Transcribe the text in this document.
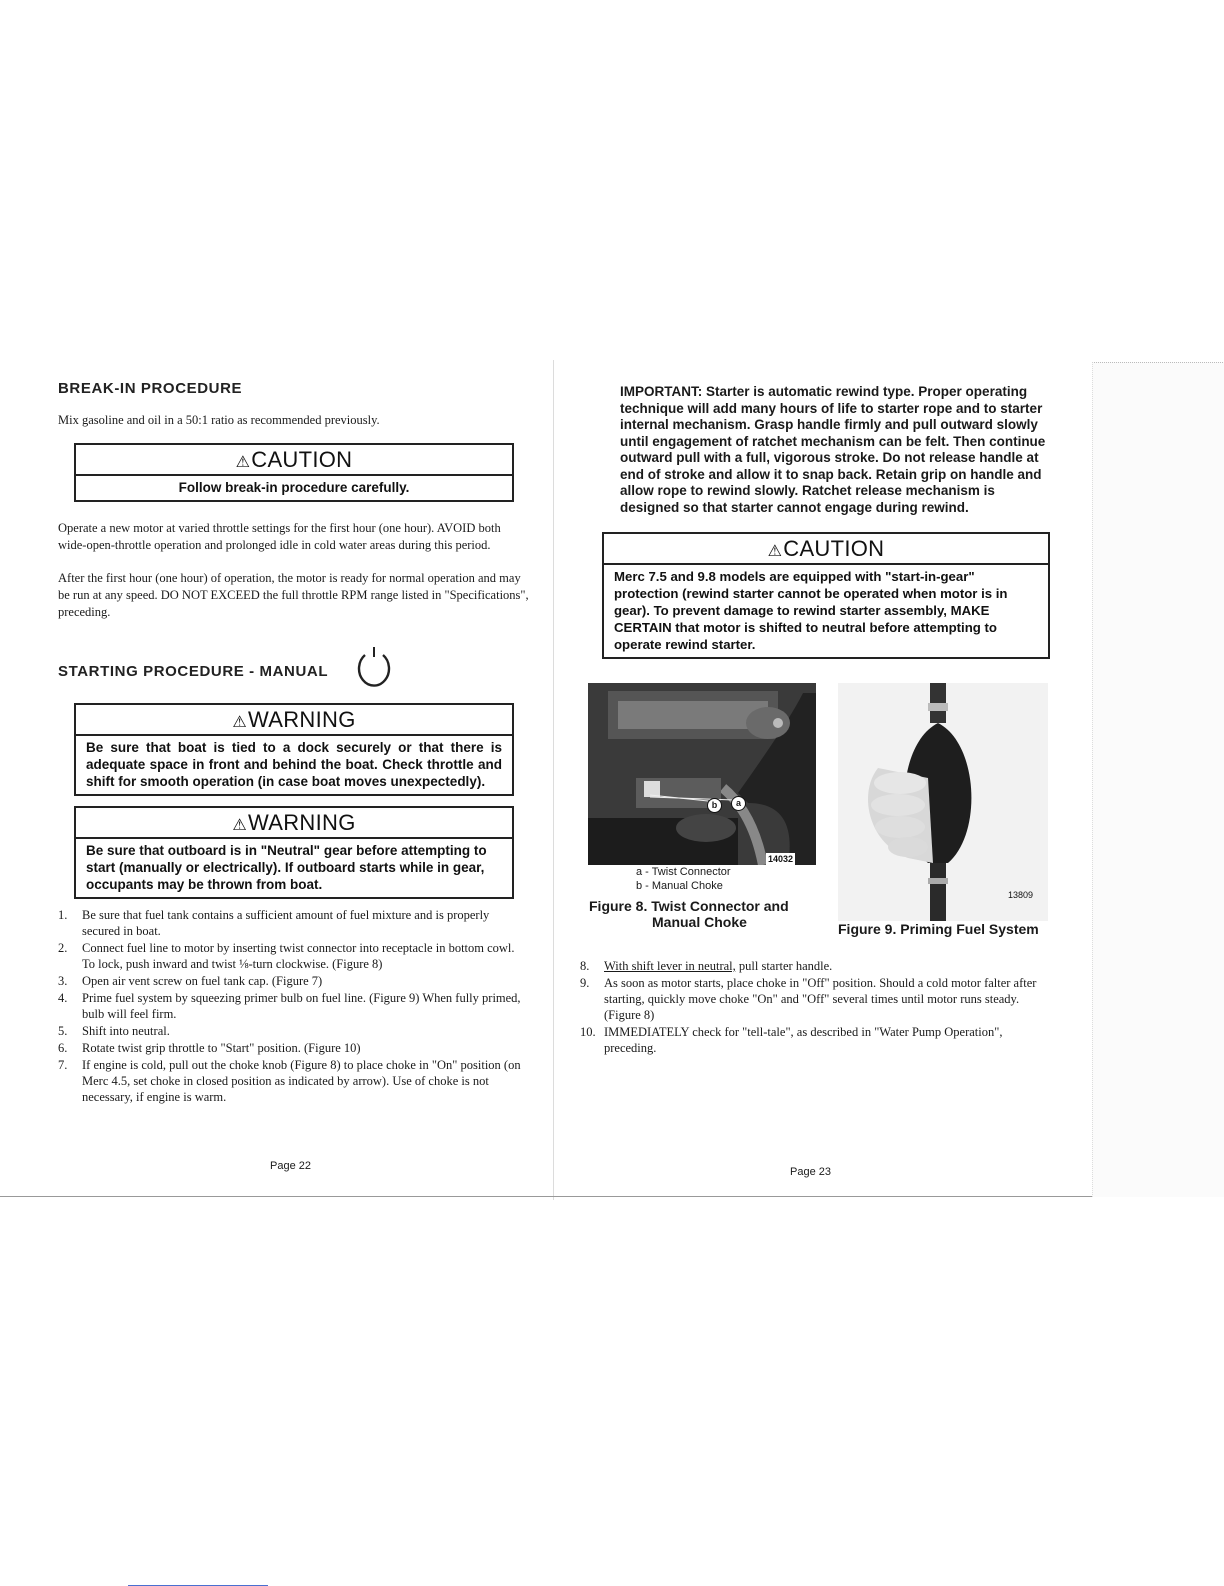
BREAK-IN PROCEDURE

Mix gasoline and oil in a 50:1 ratio as recommended previously.

⚠CAUTION
Follow break-in procedure carefully.

Operate a new motor at varied throttle settings for the first hour (one hour). AVOID both wide-open-throttle operation and prolonged idle in cold water areas during this period.

After the first hour (one hour) of operation, the motor is ready for normal operation and may be run at any speed. DO NOT EXCEED the full throttle RPM range listed in "Specifications", preceding.

STARTING PROCEDURE - MANUAL
⚠WARNING
Be sure that boat is tied to a dock securely or that there is adequate space in front and behind the boat. Check throttle and shift for smooth operation (in case boat moves unexpectedly).
⚠WARNING
Be sure that outboard is in "Neutral" gear before attempting to start (manually or electrically). If outboard starts while in gear, occupants may be thrown from boat.
1. Be sure that fuel tank contains a sufficient amount of fuel mixture and is properly secured in boat.
2. Connect fuel line to motor by inserting twist connector into receptacle in bottom cowl. To lock, push inward and twist ⅛-turn clockwise. (Figure 8)
3. Open air vent screw on fuel tank cap. (Figure 7)
4. Prime fuel system by squeezing primer bulb on fuel line. (Figure 9) When fully primed, bulb will feel firm.
5. Shift into neutral.
6. Rotate twist grip throttle to "Start" position. (Figure 10)
7. If engine is cold, pull out the choke knob (Figure 8) to place choke in "On" position (on Merc 4.5, set choke in closed position as indicated by arrow). Use of choke is not necessary, if engine is warm.
Page 22

IMPORTANT: Starter is automatic rewind type. Proper operating technique will add many hours of life to starter rope and to starter internal mechanism. Grasp handle firmly and pull outward slowly until engagement of ratchet mechanism can be felt. Then continue outward pull with a full, vigorous stroke. Do not release handle at end of stroke and allow it to snap back. Retain grip on handle and allow rope to rewind slowly. Ratchet release mechanism is designed so that starter cannot engage during rewind.

⚠CAUTION
Merc 7.5 and 9.8 models are equipped with "start-in-gear" protection (rewind starter cannot be operated when motor is in gear). To prevent damage to rewind starter assembly, MAKE CERTAIN that motor is shifted to neutral before attempting to operate rewind starter.
14032
b	a
a - Twist Connector
b - Manual Choke
Figure 8. Twist Connector and
Manual Choke
13809
Figure 9. Priming Fuel System
8. With shift lever in neutral, pull starter handle.
9. As soon as motor starts, place choke in "Off" position. Should a cold motor falter after starting, quickly move choke "On" and "Off" several times until motor runs steady. (Figure 8)
10. IMMEDIATELY check for "tell-tale", as described in "Water Pump Operation", preceding.
Page 23
